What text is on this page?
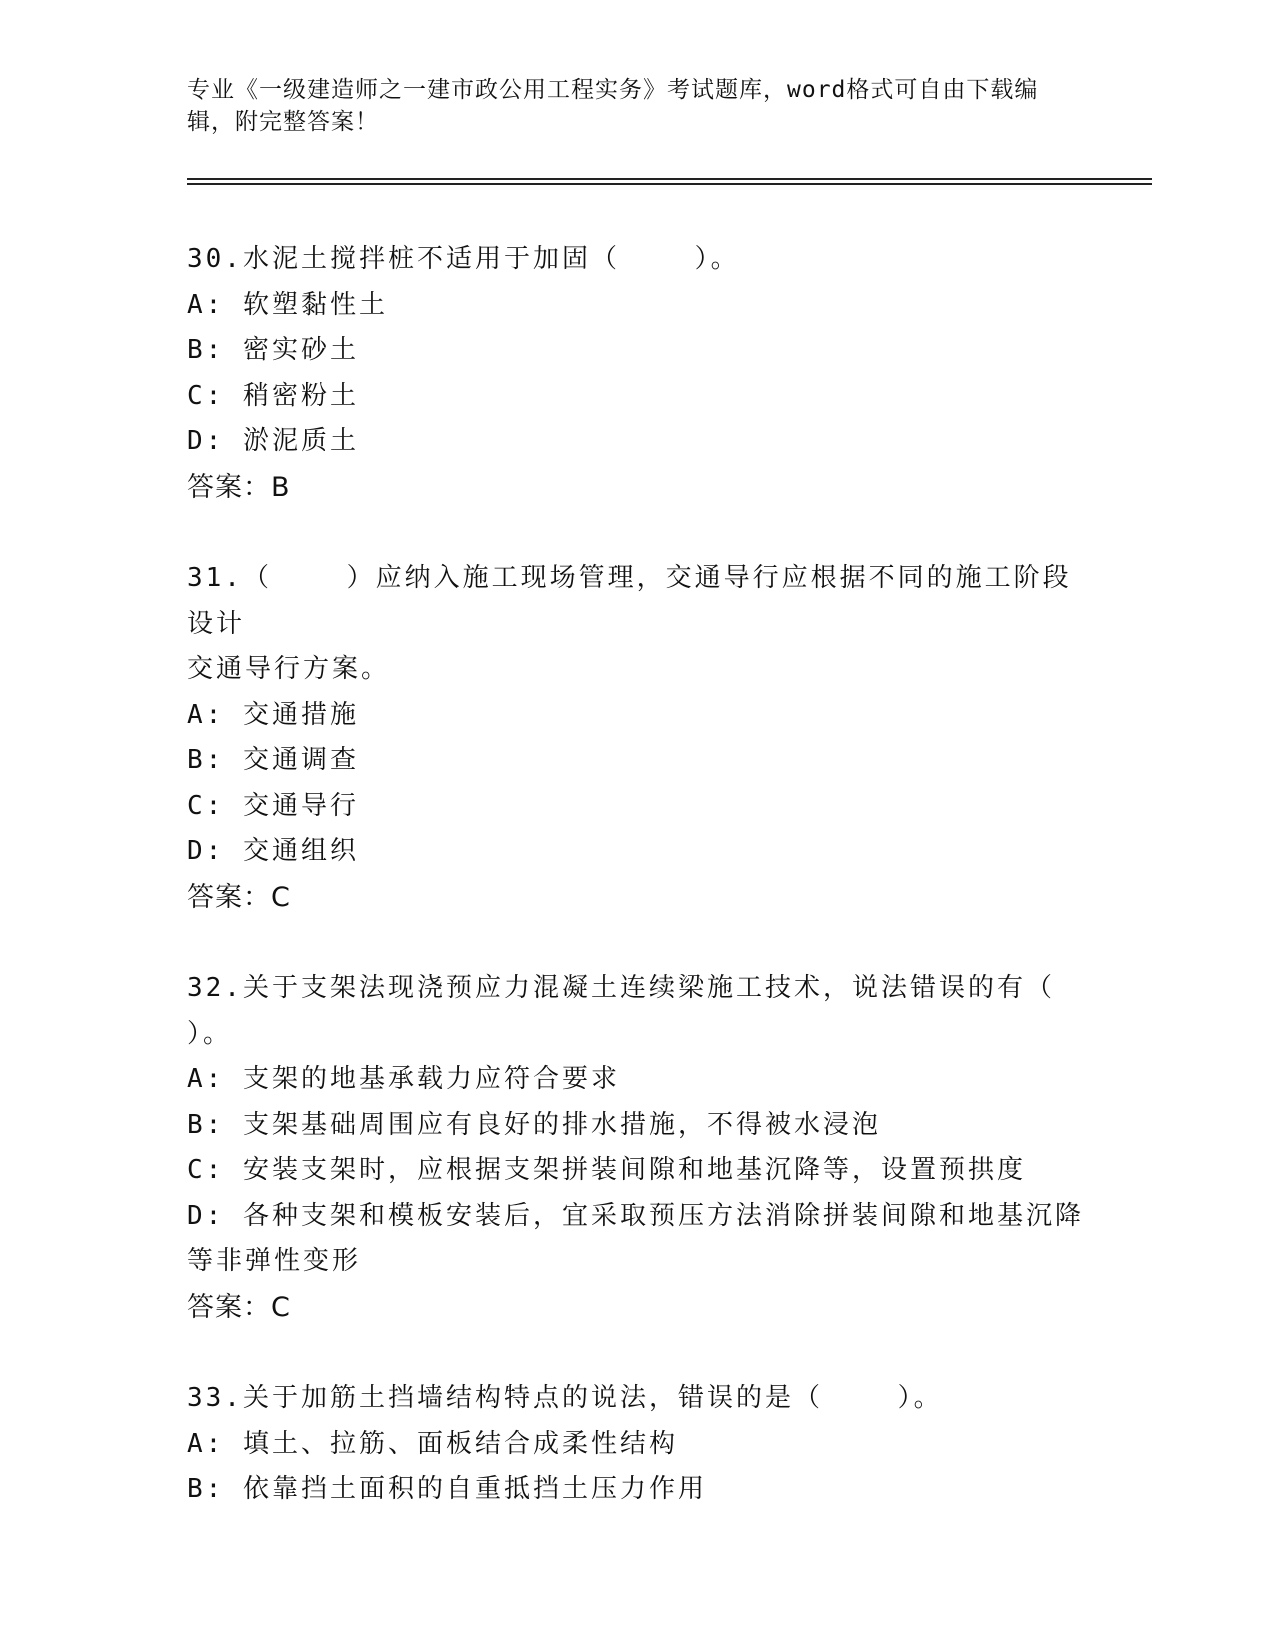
专业《一级建造师之一建市政公用工程实务》考试题库，word格式可自由下载编
辑，附完整答案！
30.水泥土搅拌桩不适用于加固（    ）。
A: 软塑黏性土
B: 密实砂土
C: 稍密粉土
D: 淤泥质土
答案：B
31.（    ）应纳入施工现场管理，交通导行应根据不同的施工阶段设计
交通导行方案。
A: 交通措施
B: 交通调查
C: 交通导行
D: 交通组织
答案：C
32.关于支架法现浇预应力混凝土连续梁施工技术，说法错误的有（
）。
A: 支架的地基承载力应符合要求
B: 支架基础周围应有良好的排水措施，不得被水浸泡
C: 安装支架时，应根据支架拼装间隙和地基沉降等，设置预拱度
D: 各种支架和模板安装后，宜采取预压方法消除拼装间隙和地基沉降
等非弹性变形
答案：C
33.关于加筋土挡墙结构特点的说法，错误的是（    ）。
A: 填土、拉筋、面板结合成柔性结构
B: 依靠挡土面积的自重抵挡土压力作用
